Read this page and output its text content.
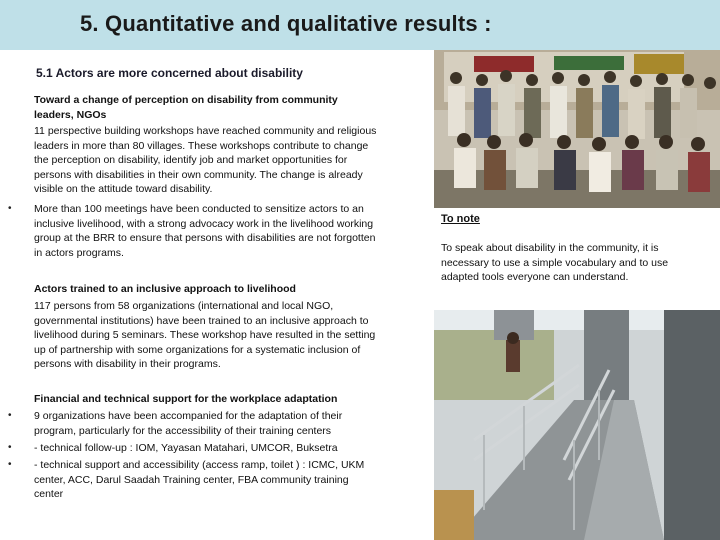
5. Quantitative and qualitative results :
5.1 Actors are more concerned about disability
Toward a change of perception on disability from community
leaders, NGOs
11 perspective building workshops have reached community and religious
leaders in more than 80 villages. These workshops contribute to change
the perception on disability, identify job and market opportunities for
persons with disabilities in their own community. The change is already
visible on the attitude toward disability.
• More than 100 meetings have been conducted to sensitize actors to an
inclusive livelihood, with a strong advocacy work in the livelihood working
group at the BRR to ensure that persons with disabilities are not forgotten
in actors programs.
Actors trained to an inclusive approach to livelihood
117 persons from 58 organizations (international and local NGO,
governmental institutions) have been trained to an inclusive approach to
livelihood during 5 seminars. These workshop have resulted in the setting
up of partnership with some organizations for a systematic inclusion of
persons with disability in their programs.
Financial and technical support for the workplace adaptation
• 9 organizations have been accompanied for the adaptation of their
program, particularly for the accessibility of their training centers
• - technical follow-up : IOM, Yayasan Matahari, UMCOR, Buksetra
• - technical support and accessibility (access ramp, toilet ) : ICMC, UKM
center, ACC, Darul Saadah Training center, FBA community training
center
To note
To speak about disability in the community, it is
necessary to use a simple vocabulary and to use
adapted tools everyone can understand.
